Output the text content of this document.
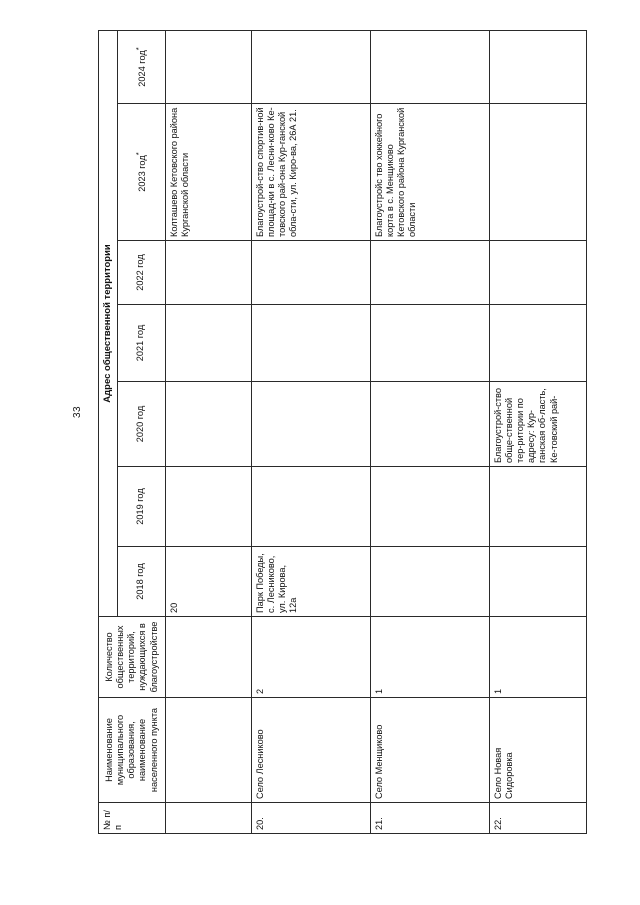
33
№ п/п	Наименование муниципального образования, наименование населенного пункта	Количество общественных территорий, нуждающихся в благоустройстве	Адрес общественной территории						
			2018 год	2019 год	2020 год	2021 год	2022 год	2023 год*	2024 год*
			20					Колташево Кетовского района Курганской области	
20.	Село Лесниково	2	Парк Победы, с. Лесниково, ул. Кирова, 12а					Благоустрой-ство спортив-ной площад-ки в с. Лесни-ково Ке-товского рай-она Кур-ганской обла-сти, ул. Киро-ва, 26А 21.	
21.	Село Менщиково	1						Благоустройс тво хоккейного корта в с. Менщиково Кетовского района Курганской области	
22.	Село Новая Сидоровка	1			Благоустрой-ство обще-ственной тер-ритории по адресу: Кур-ганская об-ласть, Ке-товский рай-				
